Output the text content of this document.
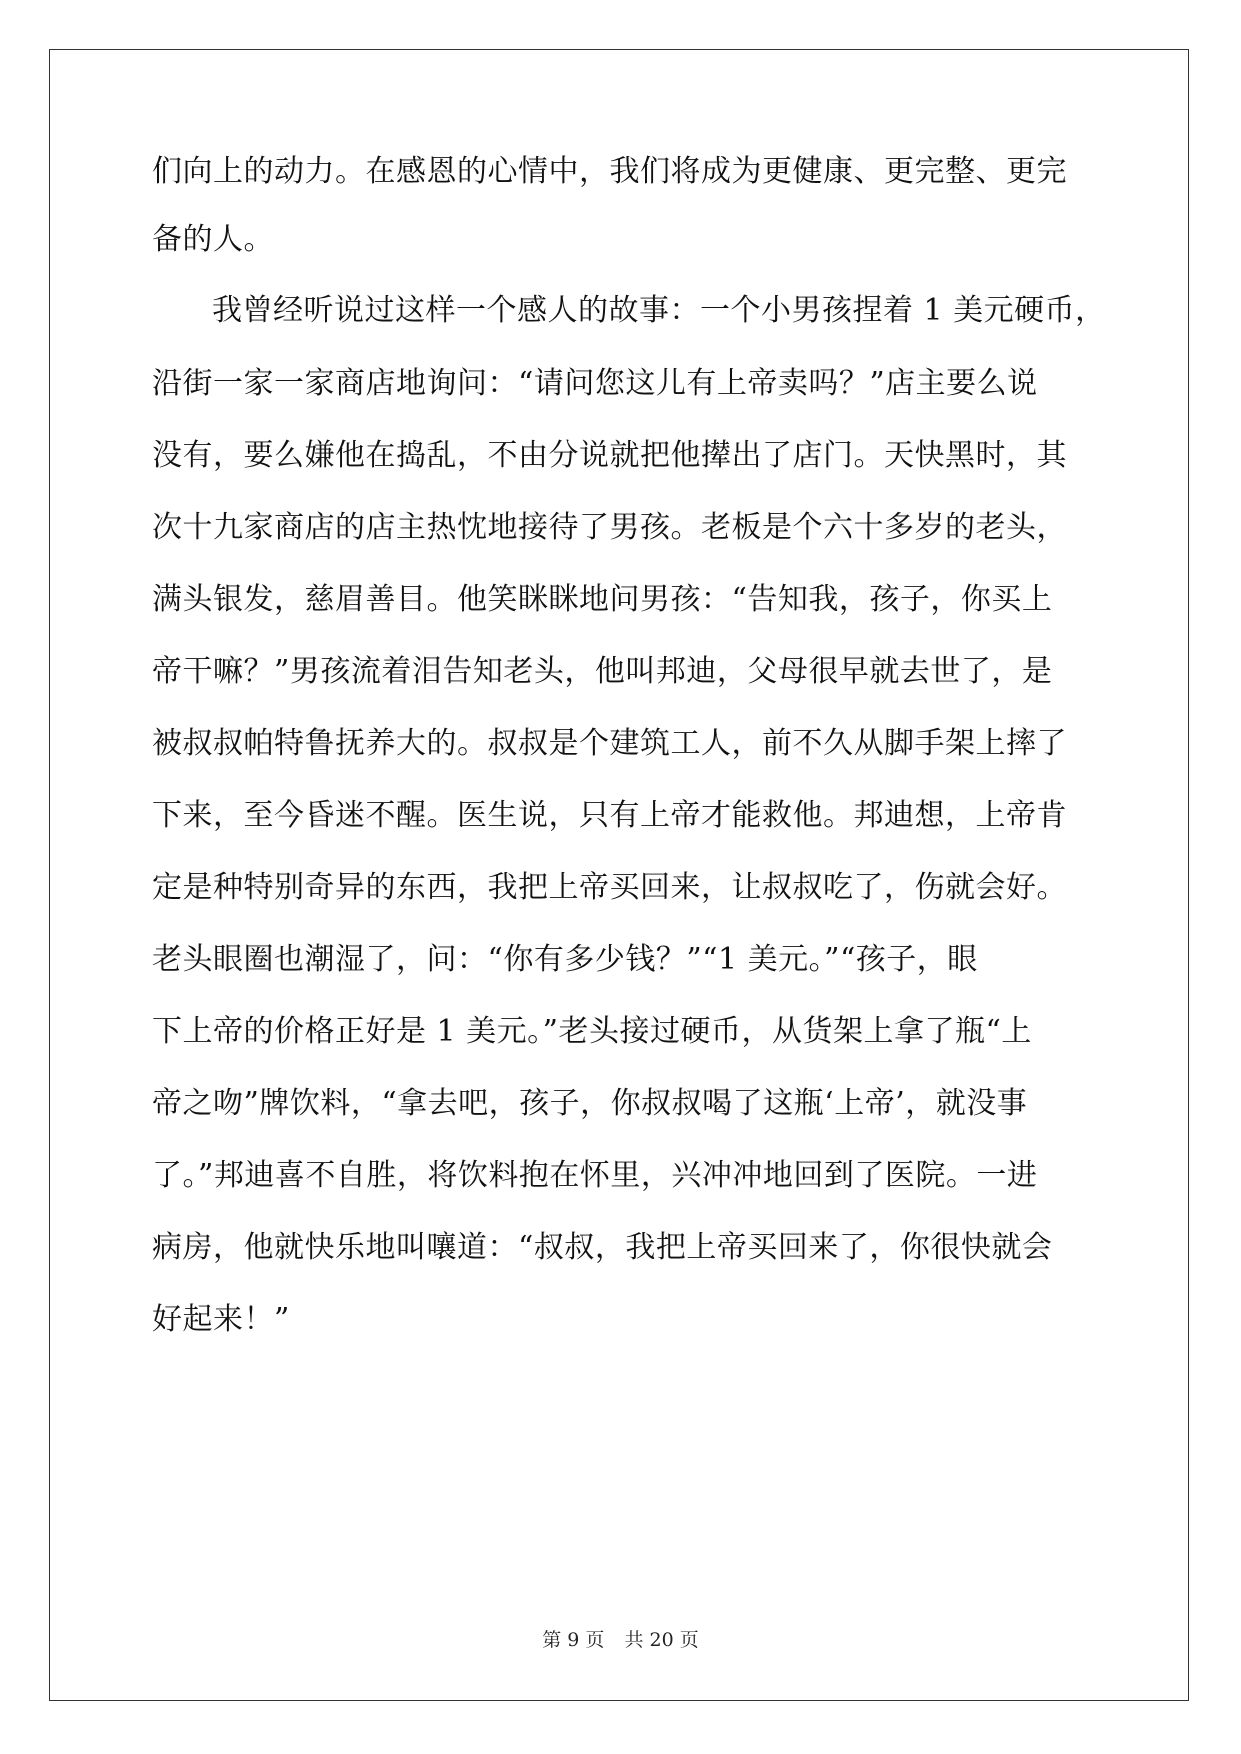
们向上的动力。在感恩的心情中，我们将成为更健康、更完整、更完
备的人。
我曾经听说过这样一个感人的故事：一个小男孩捏着 1 美元硬币，
沿街一家一家商店地询问：“请问您这儿有上帝卖吗？”店主要么说
没有，要么嫌他在捣乱，不由分说就把他撵出了店门。天快黑时，其
次十九家商店的店主热忱地接待了男孩。老板是个六十多岁的老头，
满头银发，慈眉善目。他笑眯眯地问男孩：“告知我，孩子，你买上
帝干嘛？”男孩流着泪告知老头，他叫邦迪，父母很早就去世了，是
被叔叔帕特鲁抚养大的。叔叔是个建筑工人，前不久从脚手架上摔了
下来，至今昏迷不醒。医生说，只有上帝才能救他。邦迪想，上帝肯
定是种特别奇异的东西，我把上帝买回来，让叔叔吃了，伤就会好。
老头眼圈也潮湿了，问：“你有多少钱？”“1 美元。”“孩子，眼
下上帝的价格正好是 1 美元。”老头接过硬币，从货架上拿了瓶“上
帝之吻”牌饮料，“拿去吧，孩子，你叔叔喝了这瓶‘上帝’，就没事
了。”邦迪喜不自胜，将饮料抱在怀里，兴冲冲地回到了医院。一进
病房，他就快乐地叫嚷道：“叔叔，我把上帝买回来了，你很快就会
好起来！”
第 9 页 共 20 页
